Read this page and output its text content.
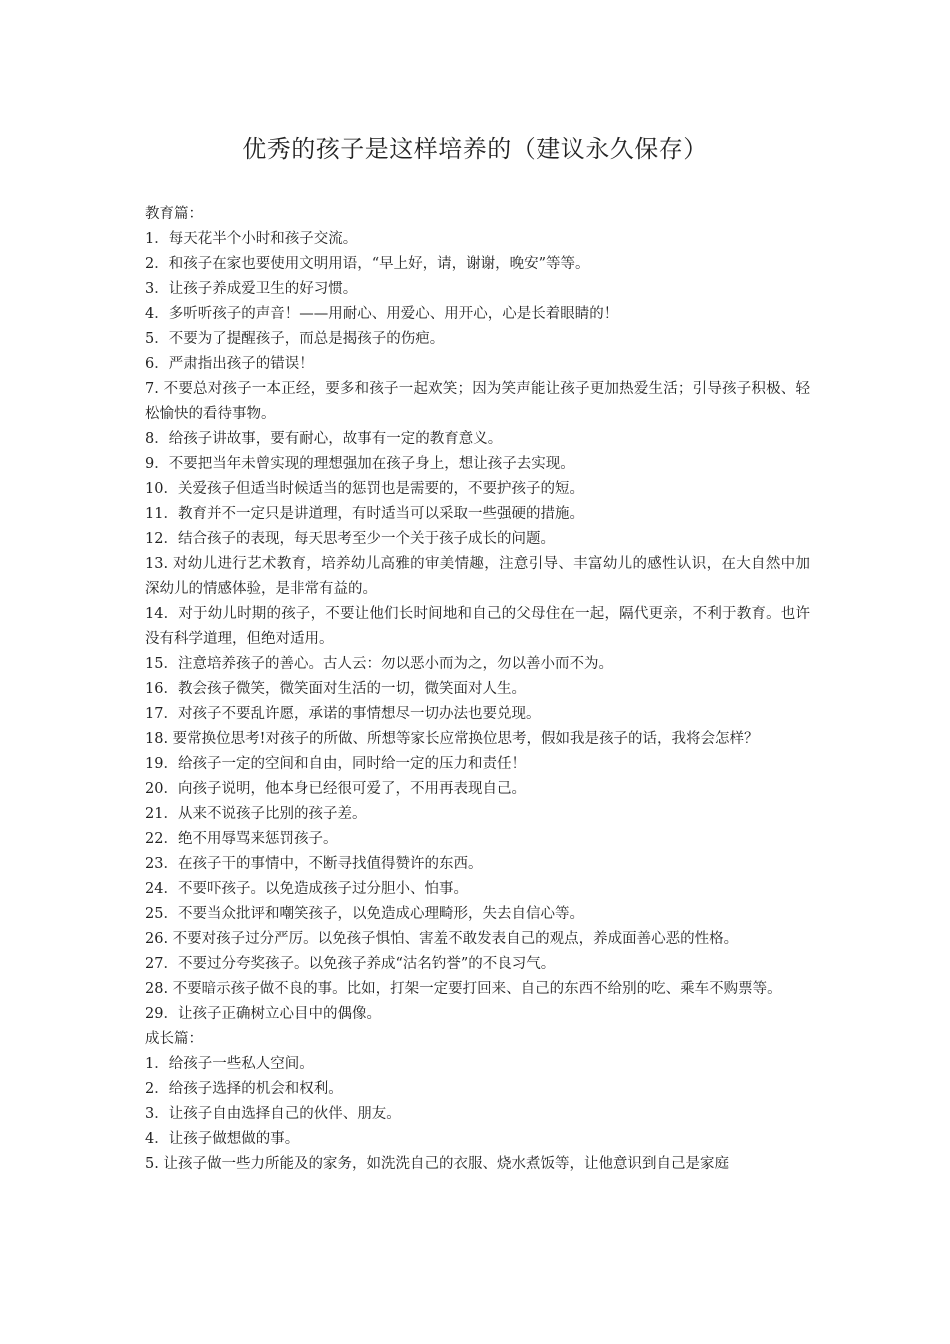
优秀的孩子是这样培养的（建议永久保存）

教育篇：

1．每天花半个小时和孩子交流。

2．和孩子在家也要使用文明用语，“早上好，请，谢谢，晚安”等等。

3．让孩子养成爱卫生的好习惯。

4．多听听孩子的声音！——用耐心、用爱心、用开心，心是长着眼睛的！

5．不要为了提醒孩子，而总是揭孩子的伤疤。

6．严肃指出孩子的错误！

7. 不要总对孩子一本正经，要多和孩子一起欢笑；因为笑声能让孩子更加热爱生活；引导孩子积极、轻松愉快的看待事物。

8．给孩子讲故事，要有耐心，故事有一定的教育意义。

9．不要把当年未曾实现的理想强加在孩子身上，想让孩子去实现。

10．关爱孩子但适当时候适当的惩罚也是需要的，不要护孩子的短。

11．教育并不一定只是讲道理，有时适当可以采取一些强硬的措施。

12．结合孩子的表现，每天思考至少一个关于孩子成长的问题。

13. 对幼儿进行艺术教育，培养幼儿高雅的审美情趣，注意引导、丰富幼儿的感性认识，在大自然中加深幼儿的情感体验，是非常有益的。

14．对于幼儿时期的孩子，不要让他们长时间地和自己的父母住在一起，隔代更亲，不利于教育。也许没有科学道理，但绝对适用。

15．注意培养孩子的善心。古人云：勿以恶小而为之，勿以善小而不为。

16．教会孩子微笑，微笑面对生活的一切，微笑面对人生。

17．对孩子不要乱许愿，承诺的事情想尽一切办法也要兑现。

18. 要常换位思考!对孩子的所做、所想等家长应常换位思考，假如我是孩子的话，我将会怎样？

19．给孩子一定的空间和自由，同时给一定的压力和责任！

20．向孩子说明，他本身已经很可爱了，不用再表现自己。

21．从来不说孩子比别的孩子差。

22．绝不用辱骂来惩罚孩子。

23．在孩子干的事情中，不断寻找值得赞许的东西。

24．不要吓孩子。以免造成孩子过分胆小、怕事。

25．不要当众批评和嘲笑孩子，以免造成心理畸形，失去自信心等。

26. 不要对孩子过分严厉。以免孩子惧怕、害羞不敢发表自己的观点，养成面善心恶的性格。

27．不要过分夸奖孩子。以免孩子养成“沽名钓誉”的不良习气。

28. 不要暗示孩子做不良的事。比如，打架一定要打回来、自己的东西不给别的吃、乘车不购票等。

29．让孩子正确树立心目中的偶像。

成长篇：

1．给孩子一些私人空间。

2．给孩子选择的机会和权利。

3．让孩子自由选择自己的伙伴、朋友。

4．让孩子做想做的事。

5. 让孩子做一些力所能及的家务，如洗洗自己的衣服、烧水煮饭等，让他意识到自己是家庭
